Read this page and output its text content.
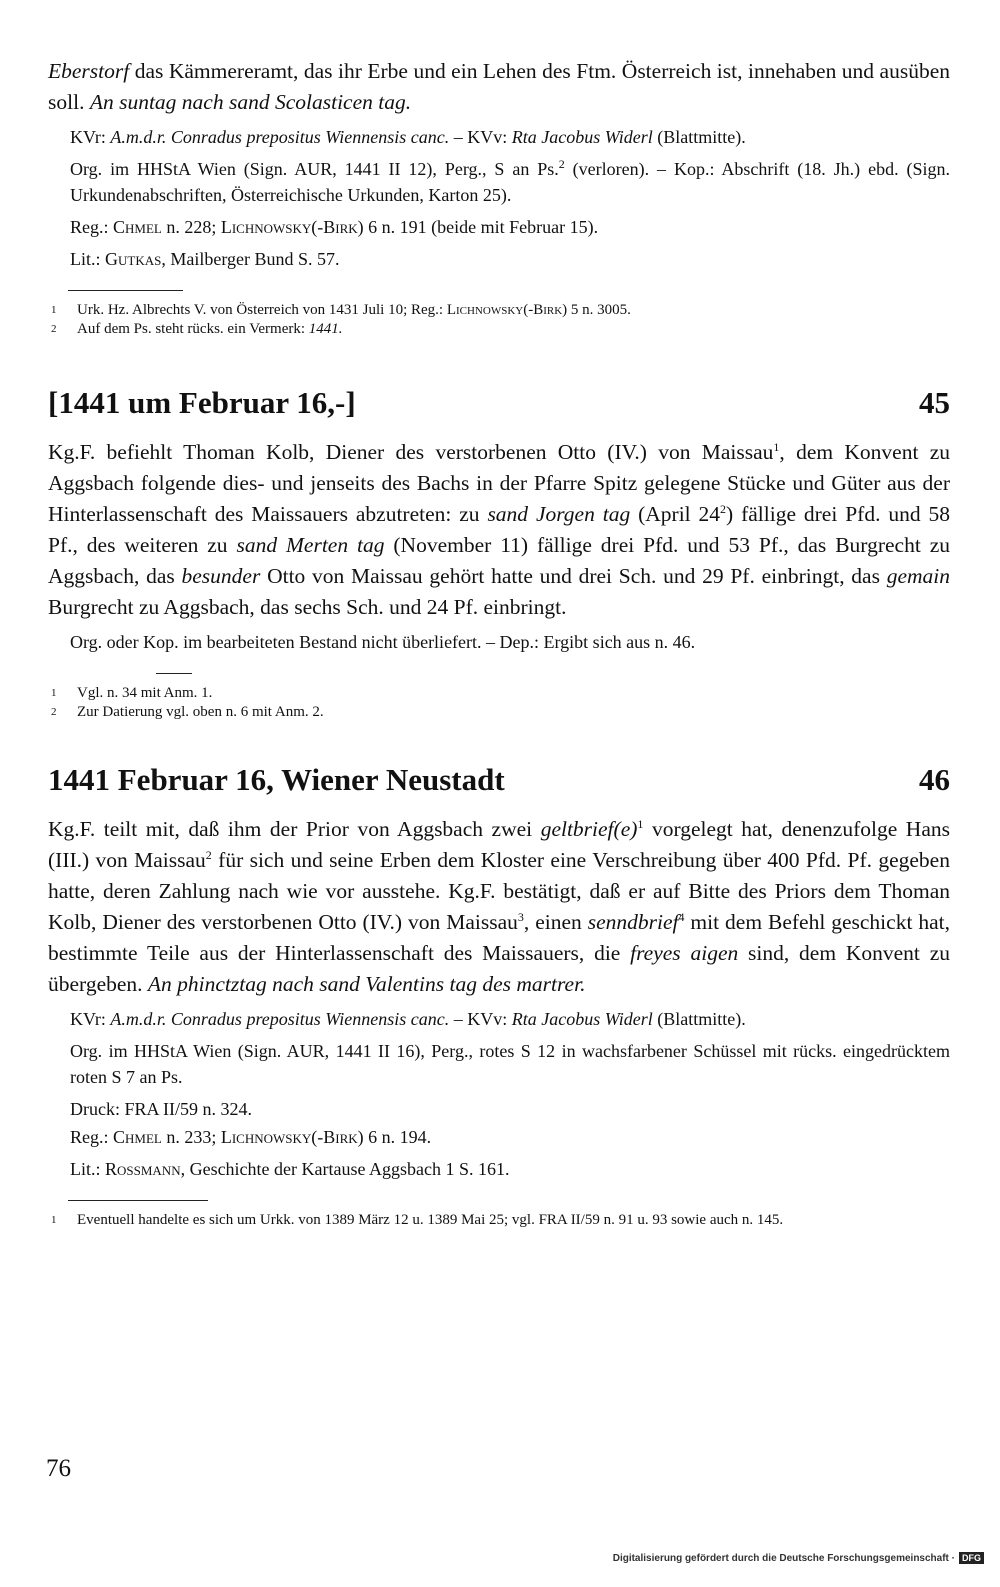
Eberstorf das Kämmereramt, das ihr Erbe und ein Lehen des Ftm. Österreich ist, innehaben und ausüben soll. An suntag nach sand Scolasticen tag.

KVr: A.m.d.r. Conradus prepositus Wiennensis canc. – KVv: Rta Jacobus Widerl (Blattmitte).

Org. im HHStA Wien (Sign. AUR, 1441 II 12), Perg., S an Ps.$^2$ (verloren). – Kop.: Abschrift (18. Jh.) ebd. (Sign. Urkundenabschriften, Österreichische Urkunden, Karton 25).

Reg.: Chmel n. 228; Lichnowsky(-Birk) 6 n. 191 (beide mit Februar 15).

Lit.: Gutkas, Mailberger Bund S. 57.

1	Urk. Hz. Albrechts V. von Österreich von 1431 Juli 10; Reg.: Lichnowsky(-Birk) 5 n. 3005.

2	Auf dem Ps. steht rücks. ein Vermerk: 1441.

[1441 um Februar 16,-]	45

Kg.F. befiehlt Thoman Kolb, Diener des verstorbenen Otto (IV.) von Maissau$^1$, dem Konvent zu Aggsbach folgende dies- und jenseits des Bachs in der Pfarre Spitz gelegene Stücke und Güter aus der Hinterlassenschaft des Maissauers abzutreten: zu sand Jorgen tag (April $24^2$) fällige drei Pfd. und 58 Pf., des weiteren zu sand Merten tag (November 11) fällige drei Pfd. und 53 Pf., das Burgrecht zu Aggsbach, das besunder Otto von Maissau gehört hatte und drei Sch. und 29 Pf. einbringt, das gemain Burgrecht zu Aggsbach, das sechs Sch. und 24 Pf. einbringt.

Org. oder Kop. im bearbeiteten Bestand nicht überliefert. – Dep.: Ergibt sich aus n. 46.

1	Vgl. n. 34 mit Anm. 1.

2	Zur Datierung vgl. oben n. 6 mit Anm. 2.

1441 Februar 16, Wiener Neustadt	46

Kg.F. teilt mit, daß ihm der Prior von Aggsbach zwei $geltbrief(e)^1$ vorgelegt hat, denenzufolge Hans (III.) von Maissau$^2$ für sich und seine Erben dem Kloster eine Verschreibung über 400 Pfd. Pf. gegeben hatte, deren Zahlung nach wie vor ausstehe. Kg.F. bestätigt, daß er auf Bitte des Priors dem Thoman Kolb, Diener des verstorbenen Otto (IV.) von Maissau$^3$, einen senndbrief$^4$ mit dem Befehl geschickt hat, bestimmte Teile aus der Hinterlassenschaft des Maissauers, die freyes aigen sind, dem Konvent zu übergeben. An phinctztag nach sand Valentins tag des martrer.

KVr: A.m.d.r. Conradus prepositus Wiennensis canc. – KVv: Rta Jacobus Widerl (Blattmitte).

Org. im HHStA Wien (Sign. AUR, 1441 II 16), Perg., rotes S 12 in wachsfarbener Schüssel mit rücks. eingedrücktem roten S 7 an Ps.

Druck: FRA II/59 n. 324.

Reg.: Chmel n. 233; Lichnowsky(-Birk) 6 n. 194.

Lit.: Rossmann, Geschichte der Kartause Aggsbach 1 S. 161.

1	Eventuell handelte es sich um Urkk. von 1389 März 12 u. 1389 Mai 25; vgl. FRA II/59 n. 91 u. 93 sowie auch n. 145.

76
Digitalisierung gefördert durch die Deutsche Forschungsgemeinschaft · DFG
